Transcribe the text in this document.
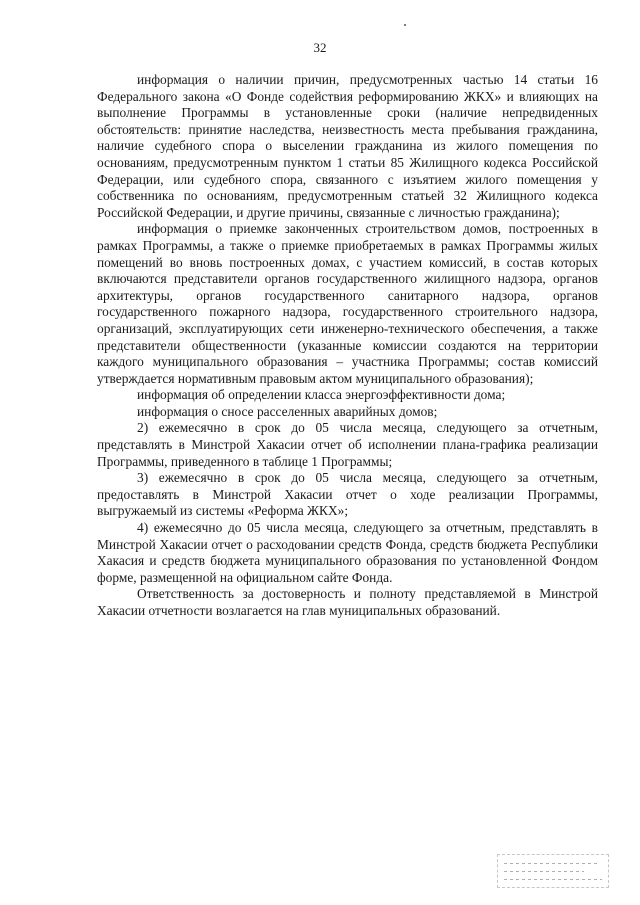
32

информация о наличии причин, предусмотренных частью 14 статьи 16 Федерального закона «О Фонде содействия реформированию ЖКХ» и влияющих на выполнение Программы в установленные сроки (наличие непредвиденных обстоятельств: принятие наследства, неизвестность места пребывания гражданина, наличие судебного спора о выселении гражданина из жилого помещения по основаниям, предусмотренным пунктом 1 статьи 85 Жилищного кодекса Российской Федерации, или судебного спора, связанного с изъятием жилого помещения у собственника по основаниям, предусмотренным статьей 32 Жилищного кодекса Российской Федерации, и другие причины, связанные с личностью гражданина);

информация о приемке законченных строительством домов, построенных в рамках Программы, а также о приемке приобретаемых в рамках Программы жилых помещений во вновь построенных домах, с участием комиссий, в состав которых включаются представители органов государственного жилищного надзора, органов архитектуры, органов государственного санитарного надзора, органов государственного пожарного надзора, государственного строительного надзора, организаций, эксплуатирующих сети инженерно-технического обеспечения, а также представители общественности (указанные комиссии создаются на территории каждого муниципального образования – участника Программы; состав комиссий утверждается нормативным правовым актом муниципального образования);

информация об определении класса энергоэффективности дома;

информация о сносе расселенных аварийных домов;

2) ежемесячно в срок до 05 числа месяца, следующего за отчетным, представлять в Минстрой Хакасии отчет об исполнении плана-графика реализации Программы, приведенного в таблице 1 Программы;

3) ежемесячно в срок до 05 числа месяца, следующего за отчетным, предоставлять в Минстрой Хакасии отчет о ходе реализации Программы, выгружаемый из системы «Реформа ЖКХ»;

4) ежемесячно до 05 числа месяца, следующего за отчетным, представлять в Минстрой Хакасии отчет о расходовании средств Фонда, средств бюджета Республики Хакасия и средств бюджета муниципального образования по установленной Фондом форме, размещенной на официальном сайте Фонда.

Ответственность за достоверность и полноту представляемой в Минстрой Хакасии отчетности возлагается на глав муниципальных образований.
